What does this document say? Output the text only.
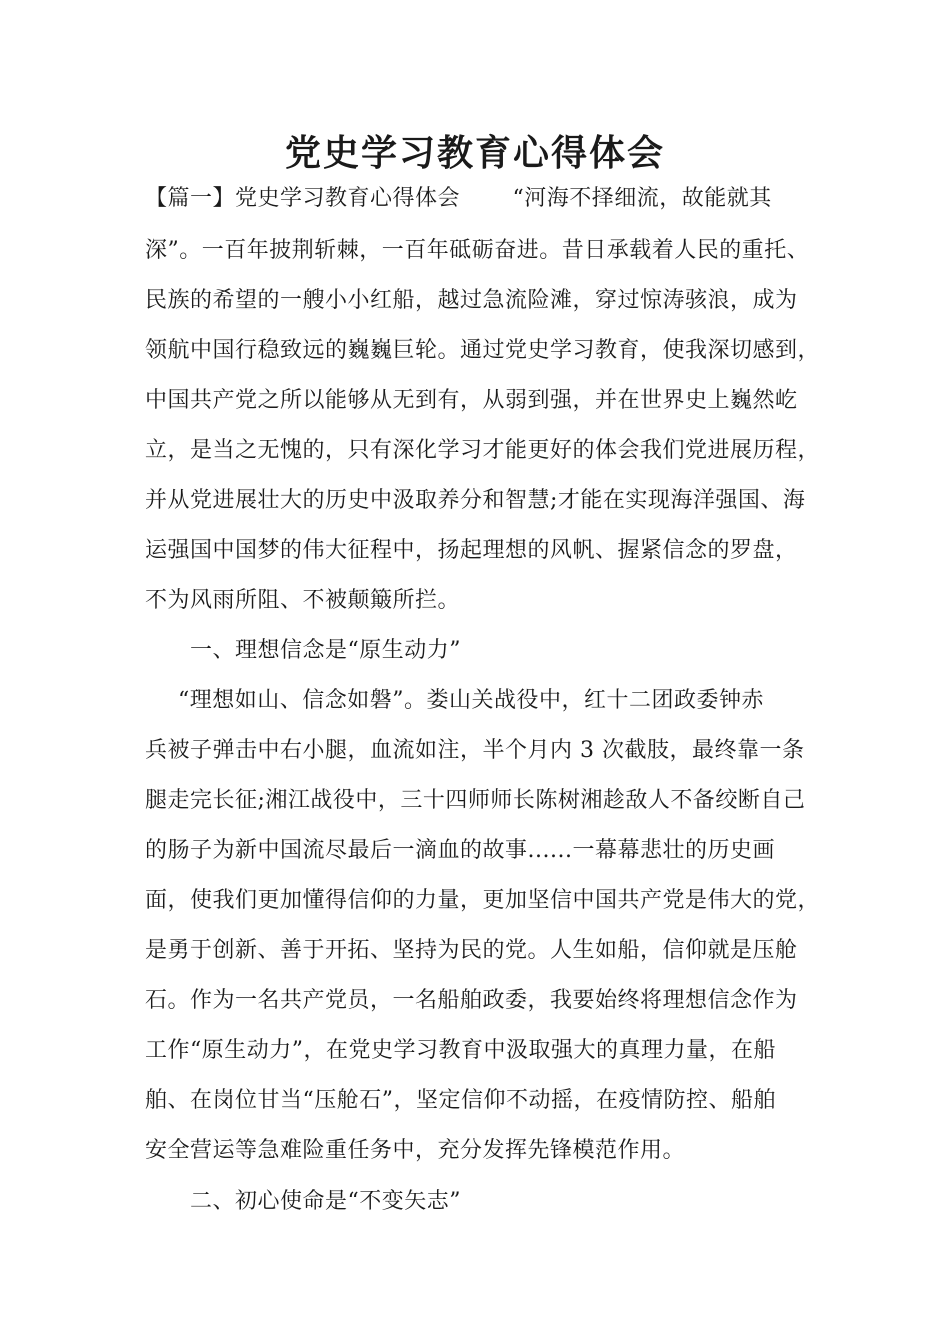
党史学习教育心得体会
【篇一】党史学习教育心得体会　　 “河海不择细流，故能就其
深”。一百年披荆斩棘，一百年砥砺奋进。昔日承载着人民的重托、
民族的希望的一艘小小红船，越过急流险滩，穿过惊涛骇浪，成为
领航中国行稳致远的巍巍巨轮。通过党史学习教育，使我深切感到，
中国共产党之所以能够从无到有，从弱到强，并在世界史上巍然屹
立，是当之无愧的，只有深化学习才能更好的体会我们党进展历程，
并从党进展壮大的历史中汲取养分和智慧;才能在实现海洋强国、海
运强国中国梦的伟大征程中，扬起理想的风帆、握紧信念的罗盘，
不为风雨所阻、不被颠簸所拦。
一、理想信念是“原生动力”
“理想如山、信念如磐”。娄山关战役中，红十二团政委钟赤
兵被子弹击中右小腿，血流如注，半个月内 3 次截肢，最终靠一条
腿走完长征;湘江战役中，三十四师师长陈树湘趁敌人不备绞断自己
的肠子为新中国流尽最后一滴血的故事......一幕幕悲壮的历史画
面，使我们更加懂得信仰的力量，更加坚信中国共产党是伟大的党，
是勇于创新、善于开拓、坚持为民的党。人生如船，信仰就是压舱
石。作为一名共产党员，一名船舶政委，我要始终将理想信念作为
工作“原生动力”，在党史学习教育中汲取强大的真理力量，在船
舶、在岗位甘当“压舱石”，坚定信仰不动摇，在疫情防控、船舶
安全营运等急难险重任务中，充分发挥先锋模范作用。
二、初心使命是“不变矢志”
